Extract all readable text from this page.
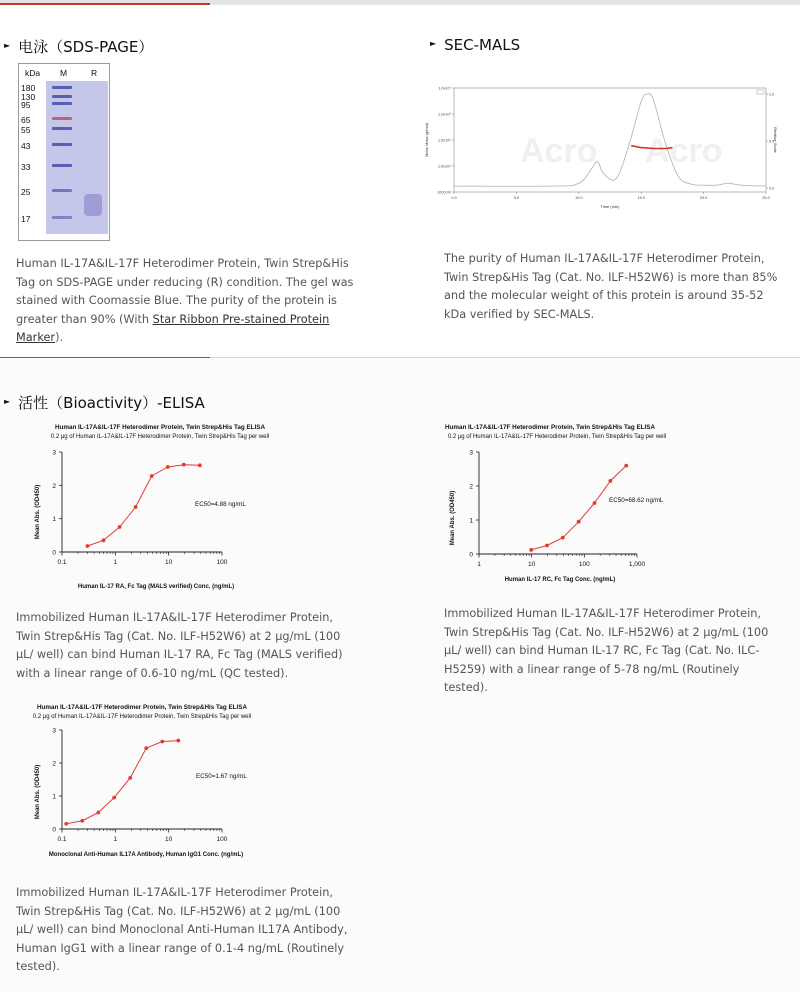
► 电泳（SDS-PAGE）
kDa M	R
180
130
95
65
55
43
33
25
17
Human IL-17A&IL-17F Heterodimer Protein, Twin Strep&His Tag on SDS-PAGE under reducing (R) condition. The gel was stained with Coomassie Blue. The purity of the protein is greater than 90% (With Star Ribbon Pre-stained Protein Marker).
► SEC-MALS
Acro Acro
1000.00
1.0x10⁴
1.0x10⁵
1.0x10⁶
1.0x10⁷
0.0
0.5
1.0
0.0	5.0	10.0	15.0	20.0	25.0
Molar Mass (g/mol)	Relative Scale
Time (min)
The purity of Human IL-17A&IL-17F Heterodimer Protein, Twin Strep&His Tag (Cat. No. ILF-H52W6) is more than 85% and the molecular weight of this protein is around 35-52 kDa verified by SEC-MALS.
► 活性（Bioactivity）-ELISA
Human IL-17A&IL-17F Heterodimer Protein, Twin Strep&His Tag ELISA
0.2 μg of Human IL-17A&IL-17F Heterodimer Protein, Twin Strep&His Tag per well
Mean Abs. (OD450)
Human IL-17 RA, Fc Tag (MALS verified) Conc. (ng/mL)
EC50=4.88 ng/mL
0
1
2
3
0.1	1	10	100
Human IL-17A&IL-17F Heterodimer Protein, Twin Strep&His Tag ELISA
0.2 μg of Human IL-17A&IL-17F Heterodimer Protein, Twin Strep&His Tag per well
Mean Abs. (OD450)
Human IL-17 RC, Fc Tag Conc. (ng/mL)
EC50=68.62 ng/mL
0
1
2
3
1	10	100	1,000
Immobilized Human IL-17A&IL-17F Heterodimer Protein, Twin Strep&His Tag (Cat. No. ILF-H52W6) at 2 μg/mL (100 μL/ well) can bind Human IL-17 RA, Fc Tag (MALS verified) with a linear range of 0.6-10 ng/mL (QC tested).
Immobilized Human IL-17A&IL-17F Heterodimer Protein, Twin Strep&His Tag (Cat. No. ILF-H52W6) at 2 μg/mL (100 μL/ well) can bind Human IL-17 RC, Fc Tag (Cat. No. ILC-H5259) with a linear range of 5-78 ng/mL (Routinely tested).
Human IL-17A&IL-17F Heterodimer Protein, Twin Strep&His Tag ELISA
0.2 μg of Human IL-17A&IL-17F Heterodimer Protein, Twin Strep&His Tag per well
Mean Abs. (OD450)
Monoclonal Anti-Human IL17A Antibody, Human IgG1 Conc. (ng/mL)
EC50=1.67 ng/mL
0
1
2
3
0.1	1	10	100
Immobilized Human IL-17A&IL-17F Heterodimer Protein, Twin Strep&His Tag (Cat. No. ILF-H52W6) at 2 μg/mL (100 μL/ well) can bind Monoclonal Anti-Human IL17A Antibody, Human IgG1 with a linear range of 0.1-4 ng/mL (Routinely tested).
